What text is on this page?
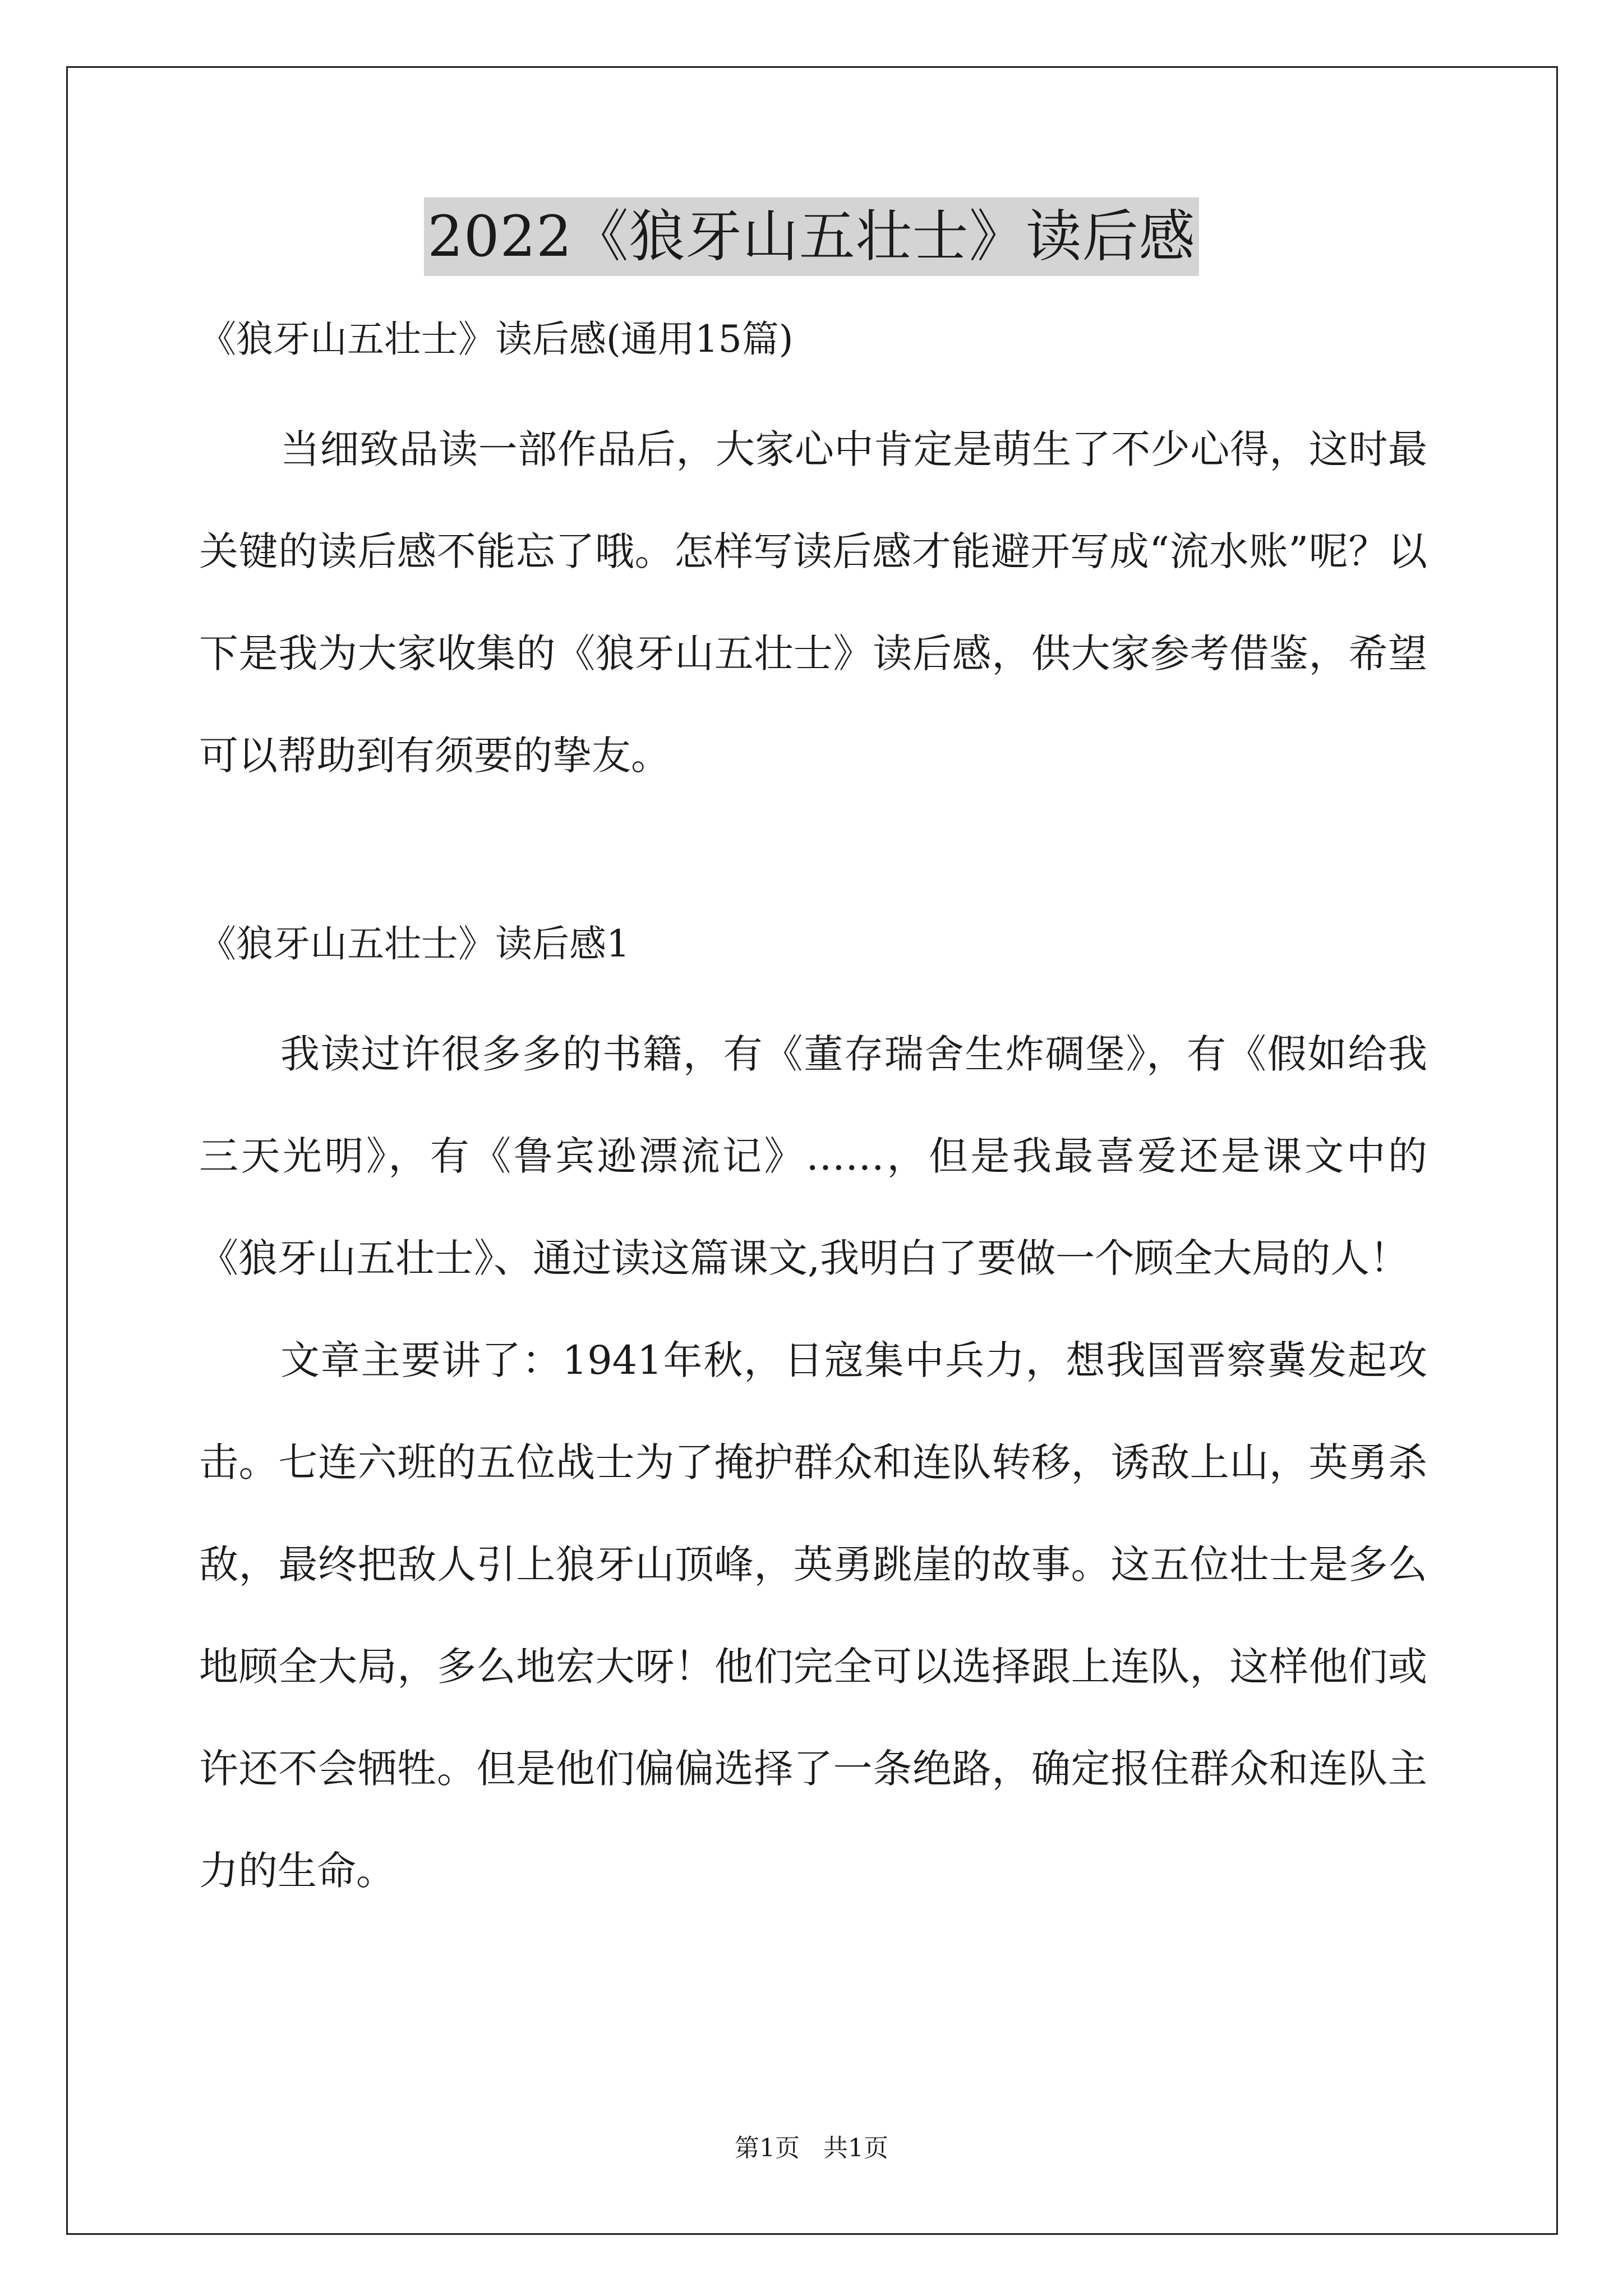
2022《狼牙山五壮士》读后感

《狼牙山五壮士》读后感(通用15篇)

当细致品读一部作品后，大家心中肯定是萌生了不少心得，这时最关键的读后感不能忘了哦。怎样写读后感才能避开写成“流水账”呢？以下是我为大家收集的《狼牙山五壮士》读后感，供大家参考借鉴，希望可以帮助到有须要的挚友。

《狼牙山五壮士》读后感1

我读过许很多多的书籍，有《董存瑞舍生炸碉堡》，有《假如给我三天光明》，有《鲁宾逊漂流记》……，但是我最喜爱还是课文中的《狼牙山五壮士》、通过读这篇课文,我明白了要做一个顾全大局的人！

文章主要讲了：1941年秋，日寇集中兵力，想我国晋察冀发起攻击。七连六班的五位战士为了掩护群众和连队转移，诱敌上山，英勇杀敌，最终把敌人引上狼牙山顶峰，英勇跳崖的故事。这五位壮士是多么地顾全大局，多么地宏大呀！他们完全可以选择跟上连队，这样他们或许还不会牺牲。但是他们偏偏选择了一条绝路，确定报住群众和连队主力的生命。

第1页   共1页
